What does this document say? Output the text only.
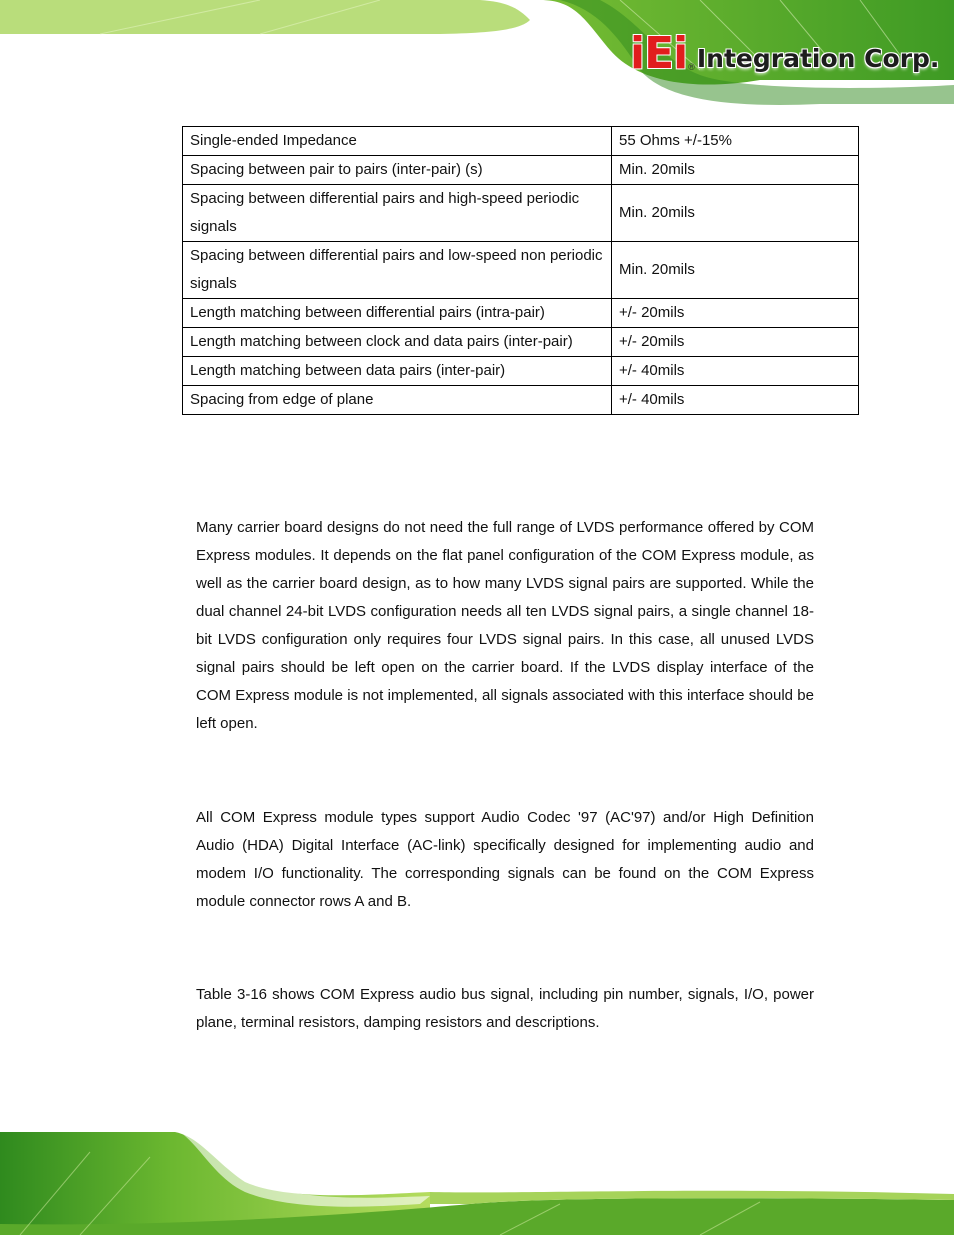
iEi ® Integration Corp.
Single-ended Impedance	55 Ohms +/-15%
Spacing between pair to pairs (inter-pair) (s)	Min. 20mils
Spacing between differential pairs and high-speed periodic signals	Min. 20mils
Spacing between differential pairs and low-speed non periodic signals	Min. 20mils
Length matching between differential pairs (intra-pair)	+/- 20mils
Length matching between clock and data pairs (inter-pair)	+/- 20mils
Length matching between data pairs (inter-pair)	+/- 40mils
Spacing from edge of plane	+/- 40mils

Many carrier board designs do not need the full range of LVDS performance offered by COM Express modules. It depends on the flat panel configuration of the COM Express module, as well as the carrier board design, as to how many LVDS signal pairs are supported. While the dual channel 24-bit LVDS configuration needs all ten LVDS signal pairs, a single channel 18-bit LVDS configuration only requires four LVDS signal pairs. In this case, all unused LVDS signal pairs should be left open on the carrier board. If the LVDS display interface of the COM Express module is not implemented, all signals associated with this interface should be left open.

All COM Express module types support Audio Codec '97 (AC'97) and/or High Definition Audio (HDA) Digital Interface (AC-link) specifically designed for implementing audio and modem I/O functionality. The corresponding signals can be found on the COM Express module connector rows A and B.

Table 3-16 shows COM Express audio bus signal, including pin number, signals, I/O, power plane, terminal resistors, damping resistors and descriptions.
